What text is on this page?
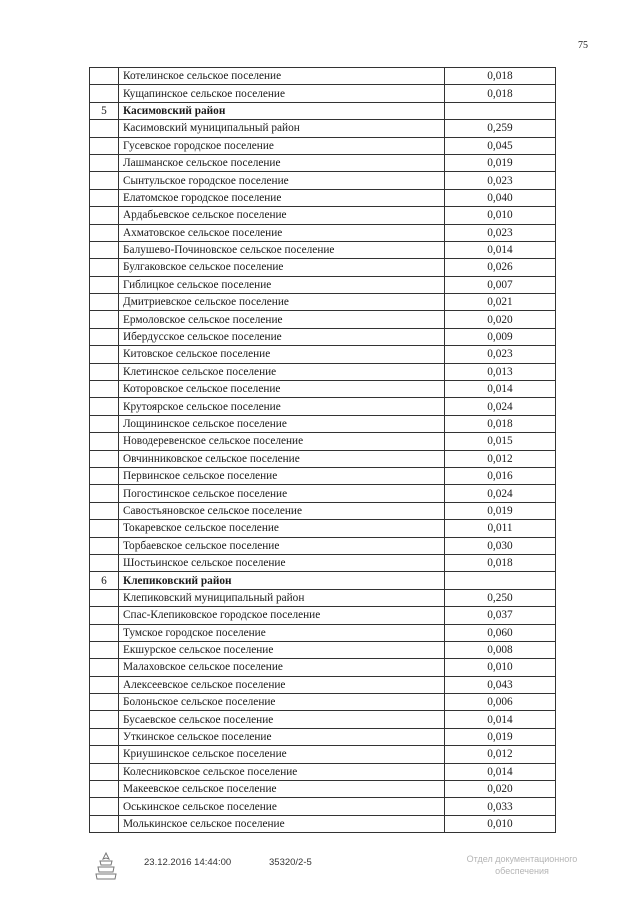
75
	Котелинское сельское поселение	0,018
	Кущапинское сельское поселение	0,018
5	Касимовский район	
	Касимовский муниципальный район	0,259
	Гусевское городское поселение	0,045
	Лашманское сельское поселение	0,019
	Сынтульское городское поселение	0,023
	Елатомское городское поселение	0,040
	Ардабьевское сельское поселение	0,010
	Ахматовское сельское поселение	0,023
	Балушево-Починовское сельское поселение	0,014
	Булгаковское сельское поселение	0,026
	Гиблицкое сельское поселение	0,007
	Дмитриевское сельское поселение	0,021
	Ермоловское сельское поселение	0,020
	Ибердусское сельское поселение	0,009
	Китовское сельское поселение	0,023
	Клетинское сельское поселение	0,013
	Которовское сельское поселение	0,014
	Крутоярское сельское поселение	0,024
	Лощининское сельское поселение	0,018
	Новодеревенское сельское поселение	0,015
	Овчинниковское сельское поселение	0,012
	Первинское сельское поселение	0,016
	Погостинское сельское поселение	0,024
	Савостьяновское сельское поселение	0,019
	Токаревское сельское поселение	0,011
	Торбаевское сельское поселение	0,030
	Шостьинское сельское поселение	0,018
6	Клепиковский район	
	Клепиковский муниципальный район	0,250
	Спас-Клепиковское городское поселение	0,037
	Тумское городское поселение	0,060
	Екшурское сельское поселение	0,008
	Малаховское сельское поселение	0,010
	Алексеевское сельское поселение	0,043
	Болоньское сельское поселение	0,006
	Бусаевское сельское поселение	0,014
	Уткинское сельское поселение	0,019
	Криушинское сельское поселение	0,012
	Колесниковское сельское поселение	0,014
	Макеевское сельское поселение	0,020
	Оськинское сельское поселение	0,033
	Молькинское сельское поселение	0,010
23.12.2016 14:44:00	35320/2-5	Отдел документационного
обеспечения
